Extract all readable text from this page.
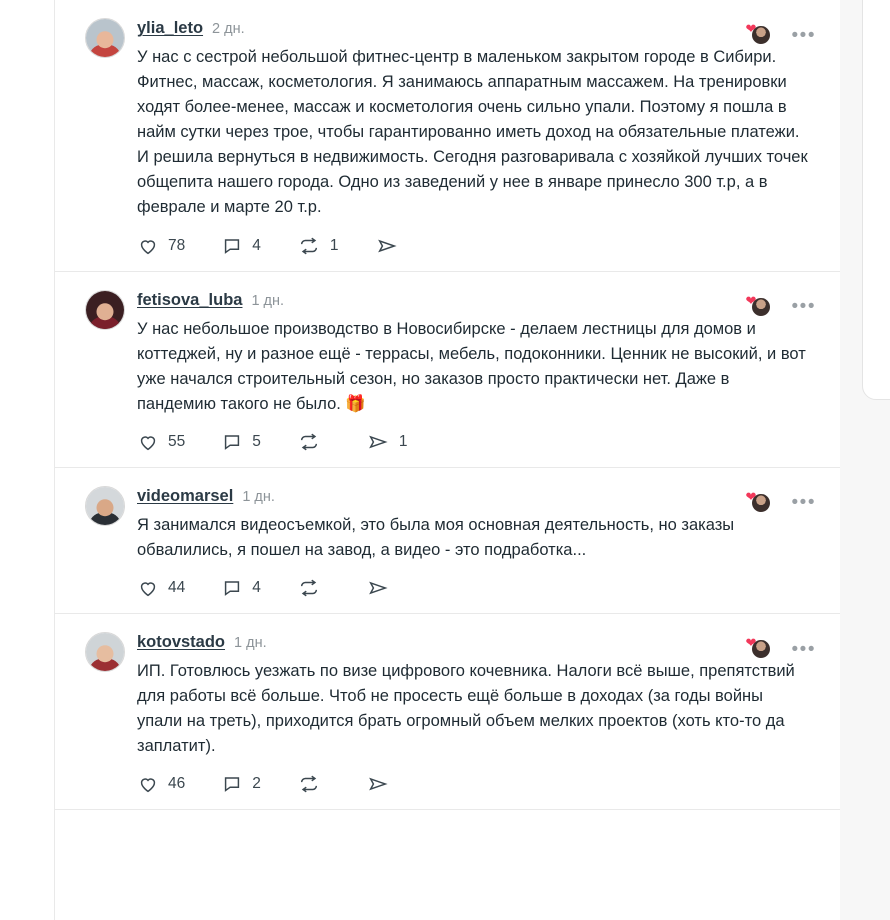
ylia_leto 2 дн.
У нас с сестрой небольшой фитнес-центр в маленьком закрытом городе в Сибири. Фитнес, массаж, косметология. Я занимаюсь аппаратным массажем. На тренировки ходят более-менее, массаж и косметология очень сильно упали. Поэтому я пошла в найм сутки через трое, чтобы гарантированно иметь доход на обязательные платежи. И решила вернуться в недвижимость. Сегодня разговаривала с хозяйкой лучших точек общепита нашего города. Одно из заведений у нее в январе принесло 300 т.р, а в феврале и марте 20 т.р.
❤ •••
78	4	1
fetisova_luba 1 дн.
У нас небольшое производство в Новосибирске - делаем лестницы для домов и коттеджей, ну и разное ещё - террасы, мебель, подоконники. Ценник не высокий, и вот уже начался строительный сезон, но заказов просто практически нет. Даже в пандемию такого не было. 🎁
❤ •••
55	5	1
videomarsel 1 дн.
Я занимался видеосъемкой, это была моя основная деятельность, но заказы обвалились, я пошел на завод, а видео - это подработка...
❤ •••
44	4
kotovstado 1 дн.
ИП. Готовлюсь уезжать по визе цифрового кочевника. Налоги всё выше, препятствий для работы всё больше. Чтоб не просесть ещё больше в доходах (за годы войны упали на треть), приходится брать огромный объем мелких проектов (хоть кто-то да заплатит).
❤ •••
46	2
